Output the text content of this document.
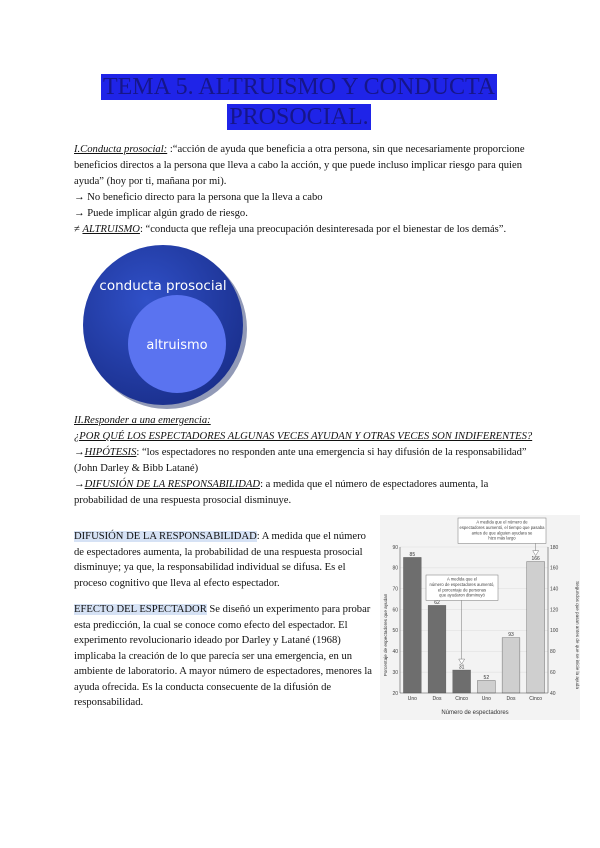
TEMA 5. ALTRUISMO Y CONDUCTA PROSOCIAL.

I.Conducta prosocial: :“acción de ayuda que beneficia a otra persona, sin que necesariamente proporcione beneficios directos a la persona que lleva a cabo la acción, y que puede incluso implicar riesgo para quien ayuda” (hoy por ti, mañana por mi).

→ No beneficio directo para la persona que la lleva a cabo

→ Puede implicar algún grado de riesgo.

≠ ALTRUISMO: “conducta que refleja una preocupación desinteresada por el bienestar de los demás”.

conducta prosocial
altruismo

II.Responder a una emergencia:

¿POR QUÉ LOS ESPECTADORES ALGUNAS VECES AYUDAN Y OTRAS VECES SON INDIFERENTES?

→HIPÓTESIS: “los espectadores no responden ante una emergencia si hay difusión de la responsabilidad” (John Darley & Bibb Latané)

→DIFUSIÓN DE LA RESPONSABILIDAD: a medida que el número de espectadores aumenta, la probabilidad de una respuesta prosocial disminuye.

DIFUSIÓN DE LA RESPONSABILIDAD: A medida que el número de espectadores aumenta, la probabilidad de una respuesta prosocial disminuye; ya que, la responsabilidad individual se difusa. Es el proceso cognitivo que lleva al efecto espectador.
EFECTO DEL ESPECTADOR Se diseñó un experimento para probar esta predicción, la cual se conoce como efecto del espectador. El experimento revolucionario ideado por Darley y Latané (1968) implicaba la creación de lo que parecía ser una emergencia, en un ambiente de laboratorio. A mayor número de espectadores, menores la ayuda ofrecida. Es la conducta consecuente de la difusión de responsabilidad.
85
62
31
52
93
166
20
30
40
50
60
70
80
90
40
60
80
100
120
140
160
180
Uno	Dos	Cinco	Uno	Dos	Cinco
Número de espectadores
Porcentaje de espectadores que ayudan	Segundos que pasan antes de que se inicie la ayuda
A medida que el número de espectadores aumentó, el tiempo que pasaba antes de que alguien ayudara se hizo más largo
A medida que el número de espectadores aumentó, el porcentaje de personas que ayudaron disminuyó
